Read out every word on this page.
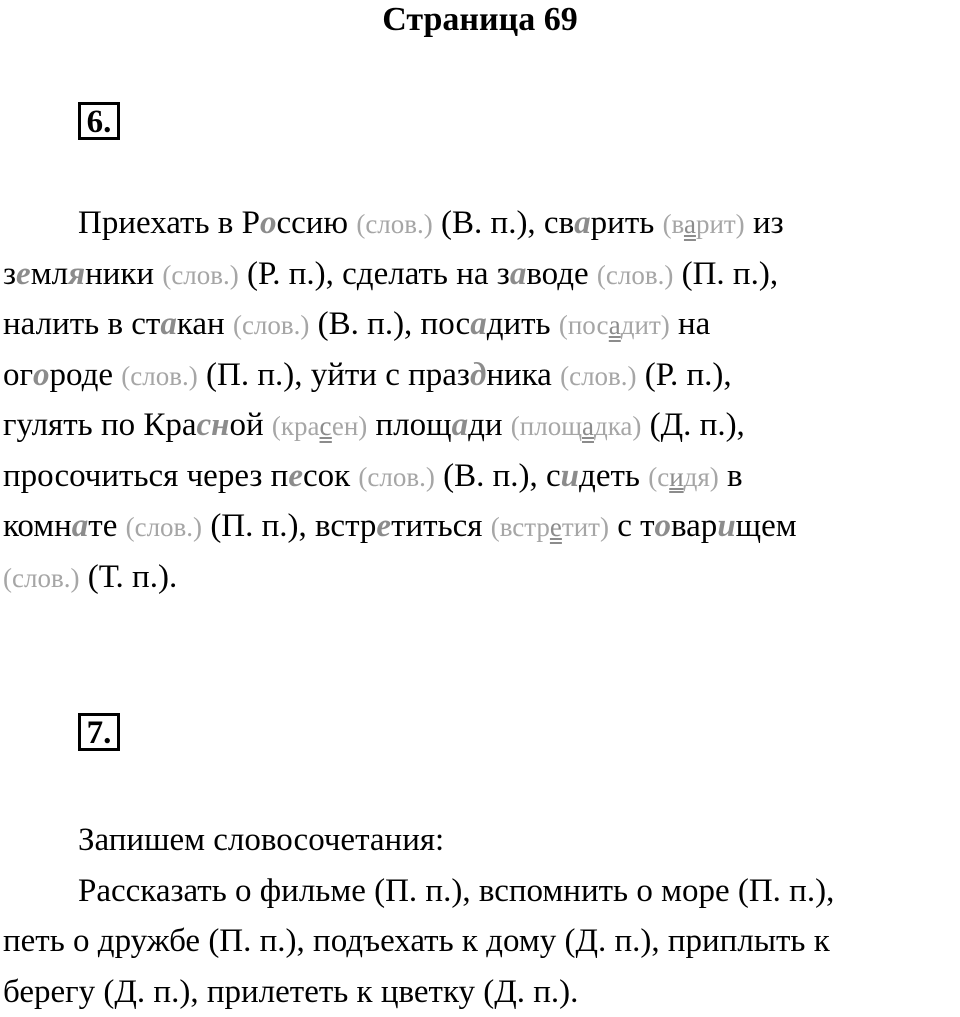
Страница 69
6.
Приехать в Россию (слов.) (В. п.), сварить (варит) из
земляники (слов.) (Р. п.), сделать на заводе (слов.) (П. п.),
налить в стакан (слов.) (В. п.), посадить (посадит) на
огороде (слов.) (П. п.), уйти с праздника (слов.) (Р. п.),
гулять по Красной (красен) площади (площадка) (Д. п.),
просочиться через песок (слов.) (В. п.), сидеть (сидя) в
комнате (слов.) (П. п.), встретиться (встретит) с товарищем
(слов.) (Т. п.).
7.
Запишем словосочетания:
Рассказать о фильме (П. п.), вспомнить о море (П. п.),
петь о дружбе (П. п.), подъехать к дому (Д. п.), приплыть к
берегу (Д. п.), прилететь к цветку (Д. п.).
